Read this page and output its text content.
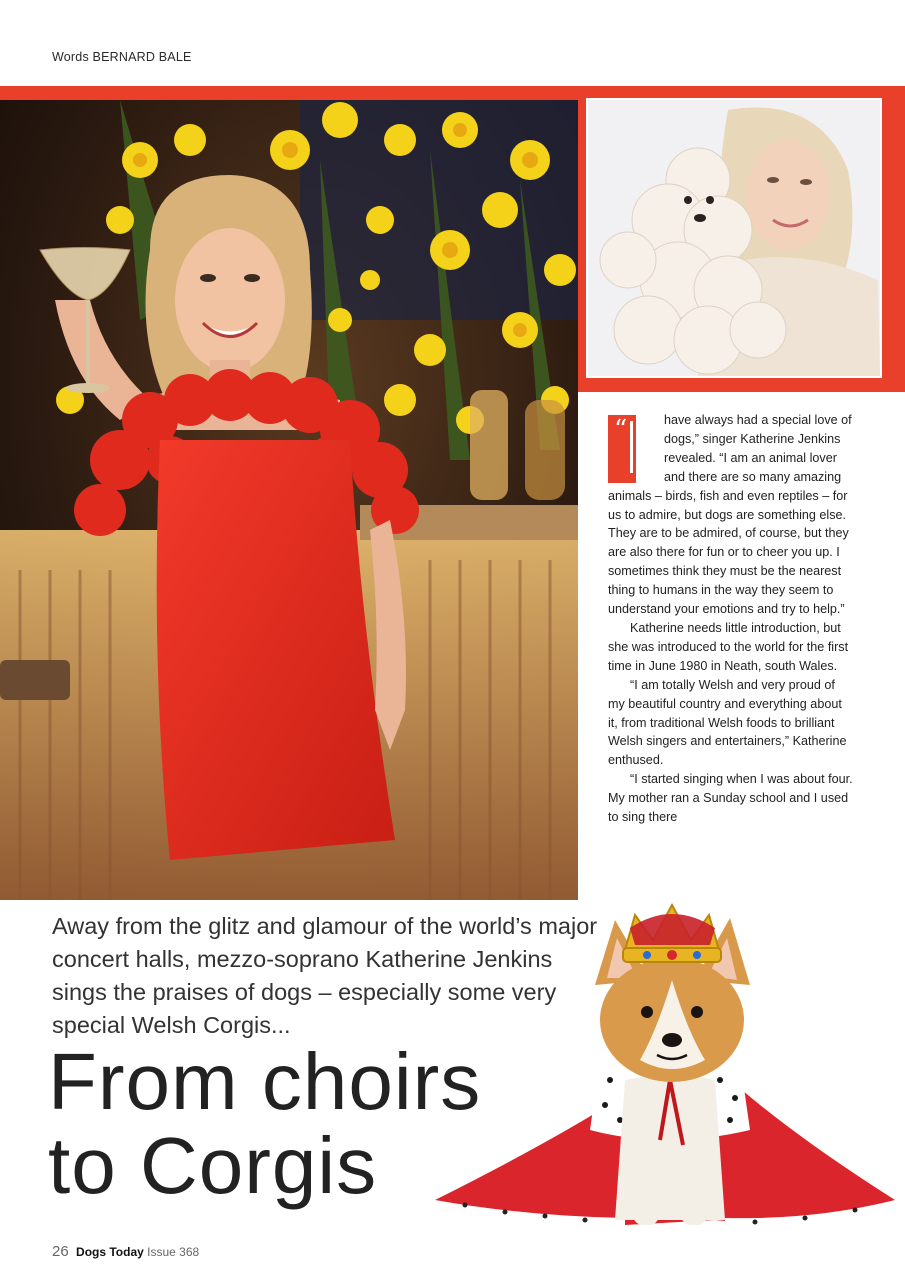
Words BERNARD BALE
“	have always had a special love of dogs,” singer Katherine Jenkins revealed. “I am an animal lover and there are so many amazing animals – birds, fish and even reptiles – for us to admire, but dogs are something else. They are to be admired, of course, but they are also there for fun or to cheer you up. I sometimes think they must be the nearest thing to humans in the way they seem to understand your emotions and try to help.”

Katherine needs little introduction, but she was introduced to the world for the first time in June 1980 in Neath, south Wales.

“I am totally Welsh and very proud of my beautiful country and everything about it, from traditional Welsh foods to brilliant Welsh singers and entertainers,” Katherine enthused.

“I started singing when I was about four. My mother ran a Sunday school and I used to sing there

Away from the glitz and glamour of the world’s major concert halls, mezzo-soprano Katherine Jenkins sings the praises of dogs – especially some very special Welsh Corgis...
From choirs
to Corgis
26 Dogs Today Issue 368
